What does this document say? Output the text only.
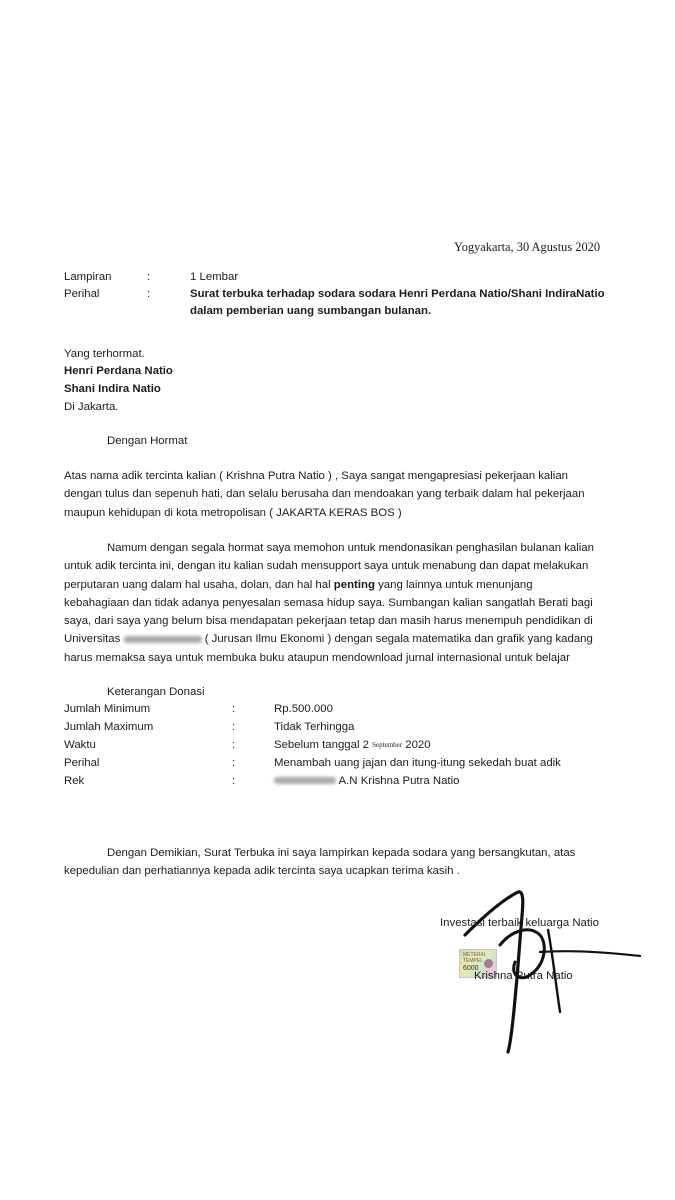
Yogyakarta, 30 Agustus 2020
Lampiran	:	1 Lembar
Perihal	:	Surat terbuka terhadap sodara sodara Henri Perdana Natio/Shani IndiraNatio
dalam pemberian uang sumbangan bulanan.
Yang terhormat.
Henri Perdana Natio
Shani Indira Natio
Di Jakarta.
Dengan Hormat
Atas nama adik tercinta kalian ( Krishna Putra Natio ) , Saya sangat mengapresiasi pekerjaan kalian
dengan tulus dan sepenuh hati, dan selalu berusaha dan mendoakan yang terbaik dalam hal pekerjaan
maupun kehidupan di kota metropolisan ( JAKARTA KERAS BOS )
Namum dengan segala hormat saya memohon untuk mendonasikan penghasilan bulanan kalian
untuk adik tercinta ini, dengan itu kalian sudah mensupport saya untuk menabung dan dapat melakukan
perputaran uang dalam hal usaha, dolan, dan hal hal penting yang lainnya untuk menunjang
kebahagiaan dan tidak adanya penyesalan semasa hidup saya. Sumbangan kalian sangatlah Berati bagi
saya, dari saya yang belum bisa mendapatan pekerjaan tetap dan masih harus menempuh pendidikan di
Universitas	( Jurusan Ilmu Ekonomi ) dengan segala matematika dan grafik yang kadang
harus memaksa saya untuk membuka buku ataupun mendownload jurnal internasional untuk belajar
Keterangan Donasi
Jumlah Minimum	:	Rp.500.000
Jumlah Maximum	:	Tidak Terhingga
Waktu	:	Sebelum tanggal 2 September 2020
Perihal	:	Menambah uang jajan dan itung-itung sekedah buat adik
Rek	:	A.N Krishna Putra Natio
Dengan Demikian, Surat Terbuka ini saya lampirkan kepada sodara yang bersangkutan, atas
kepedulian dan perhatiannya kepada adik tercinta saya ucapkan terima kasih .
Investasi terbaik keluarga Natio
METERAI TEMPEL
6000
Krishna Putra Natio
